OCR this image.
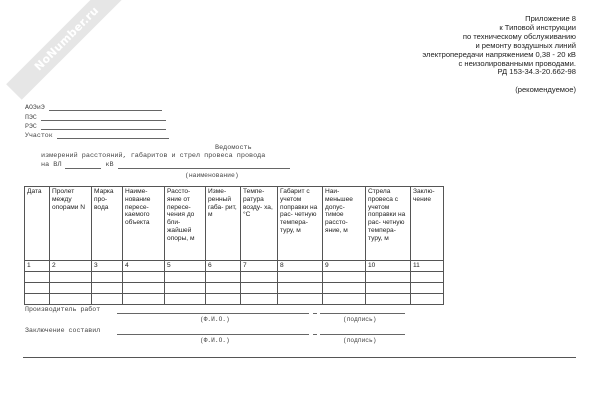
NoNumber.ru	Приложение 8
к Типовой инструкции
по техническому обслуживанию
и ремонту воздушных линий
электропередачи напряжением 0,38 - 20 кВ
с неизолированными проводами.
РД 153-34.3-20.662-98
(рекомендуемое)
АОЭиЭ
ПЭС
РЭС
Участок
Ведомость
измерений расстояний, габаритов и стрел провеса провода
на ВЛ	кВ
(наименование)
Дата	Пролет между опорами N	Марка про- вода	Наиме- нование пересе- каемого объекта	Рассто- яние от пересе- чения до бли- жайшей опоры, м	Изме- ренный габа- рит, м	Темпе- ратура возду- ха, °С	Габарит с учетом поправки на рас- четную темпера- туру, м	Наи- меньшее допус- тимое рассто- яние, м	Стрела провеса с учетом поправки на рас- четную темпера- туру, м	Заклю- чение
1	2	3	4	5	6	7	8	9	10	11

Производитель работ
(Ф.И.О.)	(подпись)
Заключение составил
(Ф.И.О.)	(подпись)
